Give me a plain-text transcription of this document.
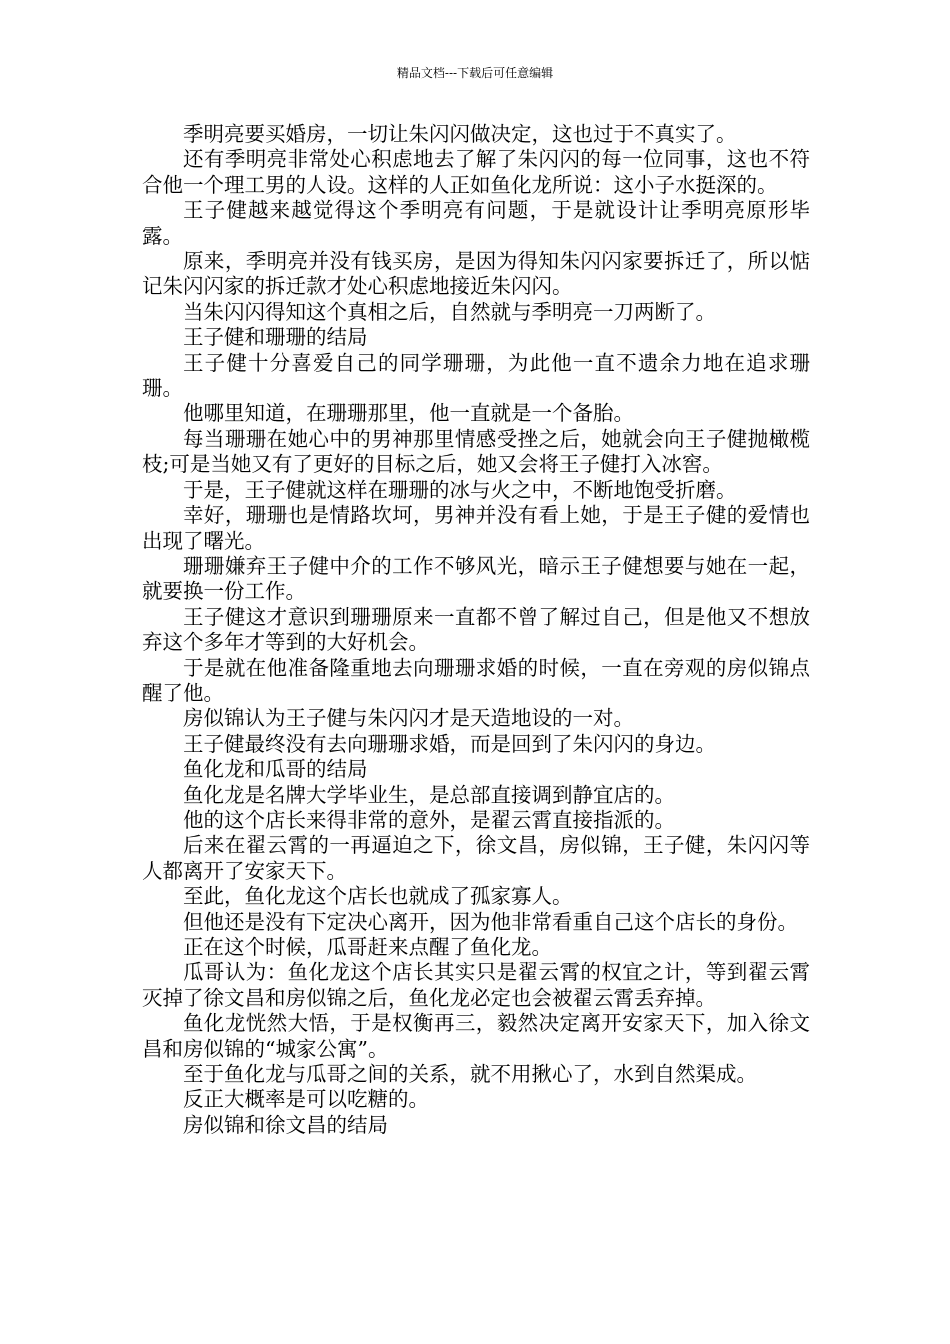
精品文档---下载后可任意编辑

季明亮要买婚房，一切让朱闪闪做决定，这也过于不真实了。

还有季明亮非常处心积虑地去了解了朱闪闪的每一位同事，这也不符合他一个理工男的人设。这样的人正如鱼化龙所说：这小子水挺深的。

王子健越来越觉得这个季明亮有问题，于是就设计让季明亮原形毕露。

原来，季明亮并没有钱买房，是因为得知朱闪闪家要拆迁了，所以惦记朱闪闪家的拆迁款才处心积虑地接近朱闪闪。

当朱闪闪得知这个真相之后，自然就与季明亮一刀两断了。

王子健和珊珊的结局

王子健十分喜爱自己的同学珊珊，为此他一直不遗余力地在追求珊珊。

他哪里知道，在珊珊那里，他一直就是一个备胎。

每当珊珊在她心中的男神那里情感受挫之后，她就会向王子健抛橄榄枝;可是当她又有了更好的目标之后，她又会将王子健打入冰窖。

于是，王子健就这样在珊珊的冰与火之中，不断地饱受折磨。

幸好，珊珊也是情路坎坷，男神并没有看上她，于是王子健的爱情也出现了曙光。

珊珊嫌弃王子健中介的工作不够风光，暗示王子健想要与她在一起，就要换一份工作。

王子健这才意识到珊珊原来一直都不曾了解过自己，但是他又不想放弃这个多年才等到的大好机会。

于是就在他准备隆重地去向珊珊求婚的时候，一直在旁观的房似锦点醒了他。

房似锦认为王子健与朱闪闪才是天造地设的一对。

王子健最终没有去向珊珊求婚，而是回到了朱闪闪的身边。

鱼化龙和瓜哥的结局

鱼化龙是名牌大学毕业生，是总部直接调到静宜店的。

他的这个店长来得非常的意外，是翟云霄直接指派的。

后来在翟云霄的一再逼迫之下，徐文昌，房似锦，王子健，朱闪闪等人都离开了安家天下。

至此，鱼化龙这个店长也就成了孤家寡人。

但他还是没有下定决心离开，因为他非常看重自己这个店长的身份。

正在这个时候，瓜哥赶来点醒了鱼化龙。

瓜哥认为：鱼化龙这个店长其实只是翟云霄的权宜之计，等到翟云霄灭掉了徐文昌和房似锦之后，鱼化龙必定也会被翟云霄丢弃掉。

鱼化龙恍然大悟，于是权衡再三，毅然决定离开安家天下，加入徐文昌和房似锦的“城家公寓”。

至于鱼化龙与瓜哥之间的关系，就不用揪心了，水到自然渠成。

反正大概率是可以吃糖的。

房似锦和徐文昌的结局
